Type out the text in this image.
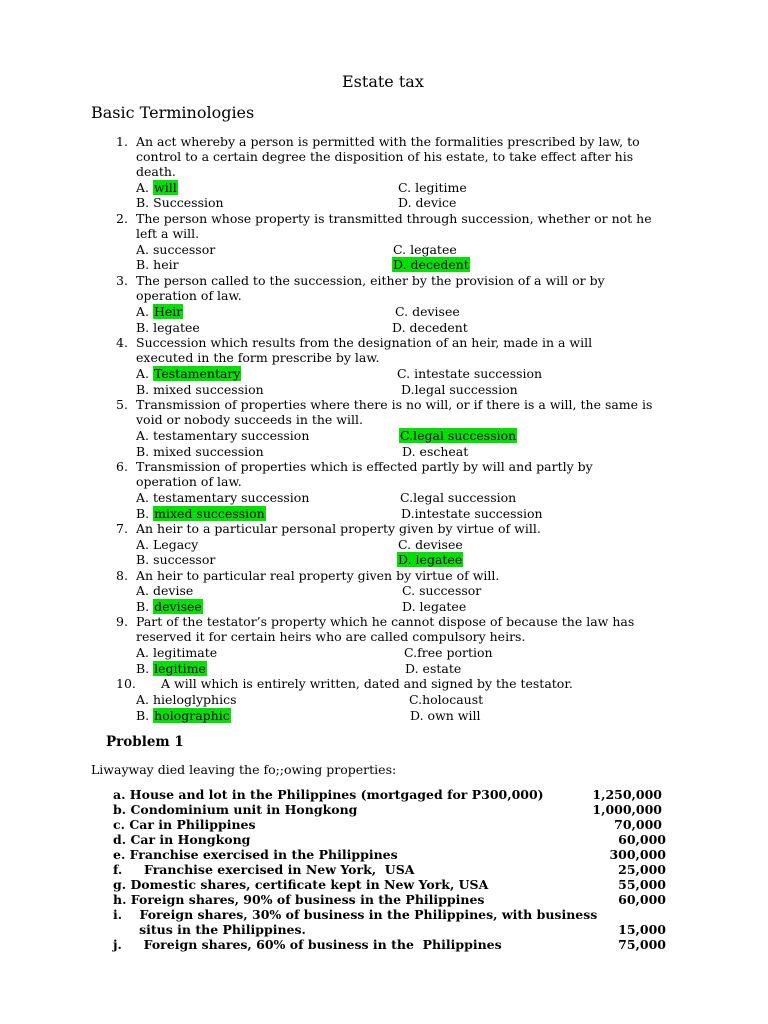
Estate tax
Basic Terminologies
1. An act whereby a person is permitted with the formalities prescribed by law, to
control to a certain degree the disposition of his estate, to take effect after his
death.
A. will	C. legitime
B. Succession	D. device
2. The person whose property is transmitted through succession, whether or not he
left a will.
A. successor	C. legatee
B. heir	D. decedent
3. The person called to the succession, either by the provision of a will or by
operation of law.
A. Heir	C. devisee
B. legatee	D. decedent
4. Succession which results from the designation of an heir, made in a will
executed in the form prescribe by law.
A. Testamentary	C. intestate succession
B. mixed succession	D.legal succession
5. Transmission of properties where there is no will, or if there is a will, the same is
void or nobody succeeds in the will.
A. testamentary succession	C.legal succession
B. mixed succession	D. escheat
6. Transmission of properties which is effected partly by will and partly by
operation of law.
A. testamentary succession	C.legal succession
B. mixed succession	D.intestate succession
7. An heir to a particular personal property given by virtue of will.
A. Legacy	C. devisee
B. successor	D. legatee
8. An heir to particular real property given by virtue of will.
A. devise	C. successor
B. devisee	D. legatee
9. Part of the testator’s property which he cannot dispose of because the law has
reserved it for certain heirs who are called compulsory heirs.
A. legitimate	C.free portion
B. legitime	D. estate
10. A will which is entirely written, dated and signed by the testator.
A. hieloglyphics	C.holocaust
B. holographic	D. own will
Problem 1
Liwayway died leaving the fo;;owing properties:
a. House and lot in the Philippines (mortgaged for P300,000)	1,250,000
b. Condominium unit in Hongkong	1,000,000
c. Car in Philippines	70,000
d. Car in Hongkong	60,000
e. Franchise exercised in the Philippines	300,000
f.     Franchise exercised in New York,  USA	25,000
g. Domestic shares, certificate kept in New York, USA	55,000
h. Foreign shares, 90% of business in the Philippines	60,000
i.    Foreign shares, 30% of business in the Philippines, with business
situs in the Philippines.	15,000
j.     Foreign shares, 60% of business in the  Philippines	75,000
